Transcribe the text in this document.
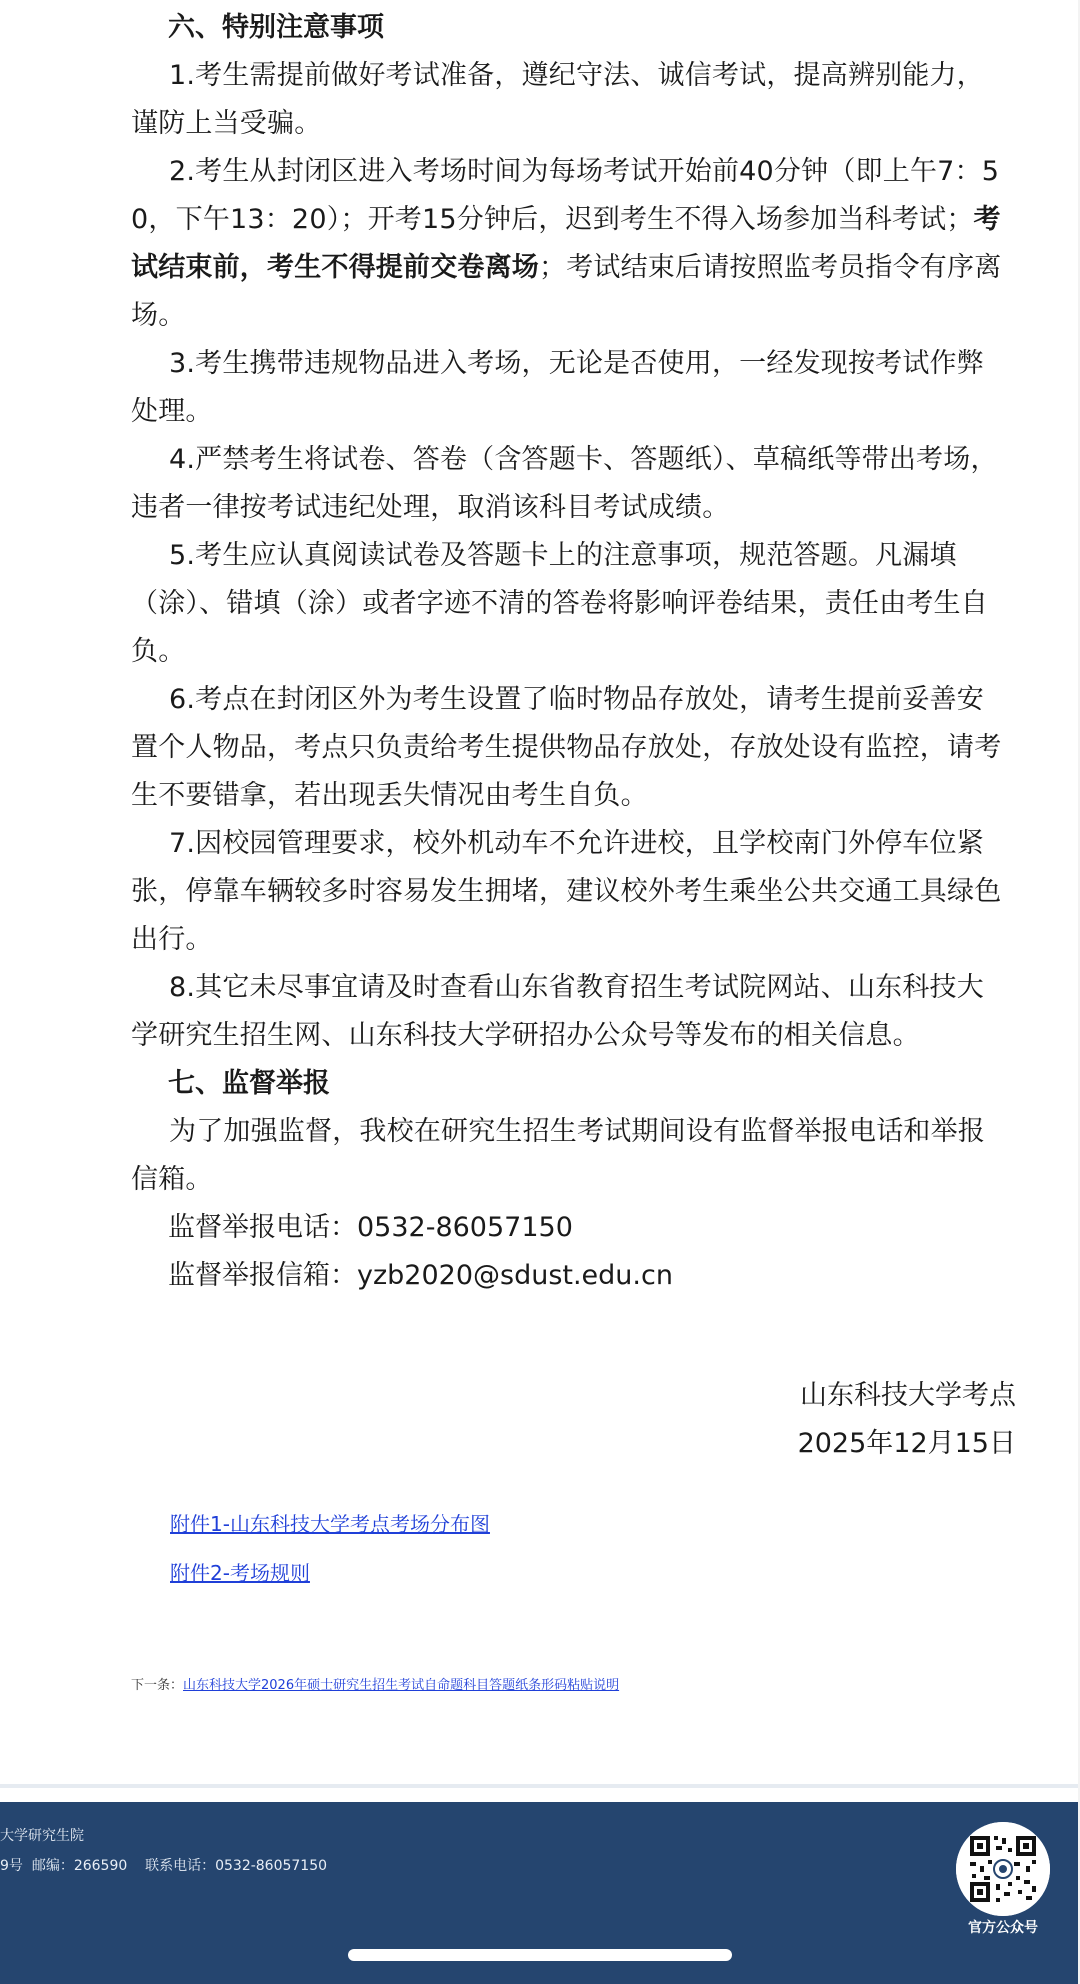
六、特别注意事项

1.考生需提前做好考试准备，遵纪守法、诚信考试，提高辨别能力，谨防上当受骗。

2.考生从封闭区进入考场时间为每场考试开始前40分钟（即上午7：50，下午13：20）；开考15分钟后，迟到考生不得入场参加当科考试；考试结束前，考生不得提前交卷离场；考试结束后请按照监考员指令有序离场。

3.考生携带违规物品进入考场，无论是否使用，一经发现按考试作弊处理。

4.严禁考生将试卷、答卷（含答题卡、答题纸）、草稿纸等带出考场，违者一律按考试违纪处理，取消该科目考试成绩。

5.考生应认真阅读试卷及答题卡上的注意事项，规范答题。凡漏填（涂）、错填（涂）或者字迹不清的答卷将影响评卷结果，责任由考生自负。

6.考点在封闭区外为考生设置了临时物品存放处，请考生提前妥善安置个人物品，考点只负责给考生提供物品存放处，存放处设有监控，请考生不要错拿，若出现丢失情况由考生自负。

7.因校园管理要求，校外机动车不允许进校，且学校南门外停车位紧张，停靠车辆较多时容易发生拥堵，建议校外考生乘坐公共交通工具绿色出行。

8.其它未尽事宜请及时查看山东省教育招生考试院网站、山东科技大学研究生招生网、山东科技大学研招办公众号等发布的相关信息。

七、监督举报

为了加强监督，我校在研究生招生考试期间设有监督举报电话和举报信箱。

监督举报电话：0532-86057150

监督举报信箱：yzb2020@sdust.edu.cn

山东科技大学考点

2025年12月15日

附件1-山东科技大学考点考场分布图
附件2-考场规则
下一条：山东科技大学2026年硕士研究生招生考试自命题科目答题纸条形码粘贴说明
大学研究生院
9号 邮编：266590 联系电话：0532-86057150
官方公众号
